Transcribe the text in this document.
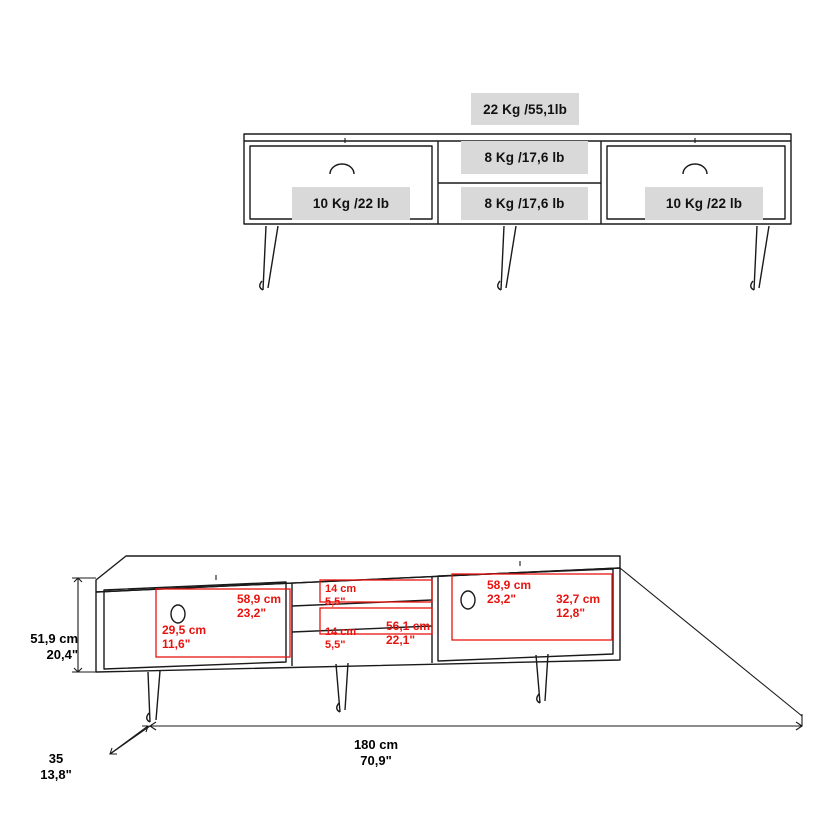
22 Kg /55,1lb
8 Kg /17,6 lb
8 Kg /17,6 lb
10 Kg /22 lb	10 Kg /22 lb
58,9 cm
23,2"
29,5 cm
11,6"
14 cm
5,5"
14 cm
5,5"
56,1 cm
22,1"
58,9 cm
23,2"	32,7 cm
12,8"
51,9 cm
20,4"
35
13,8"
180 cm
70,9"
